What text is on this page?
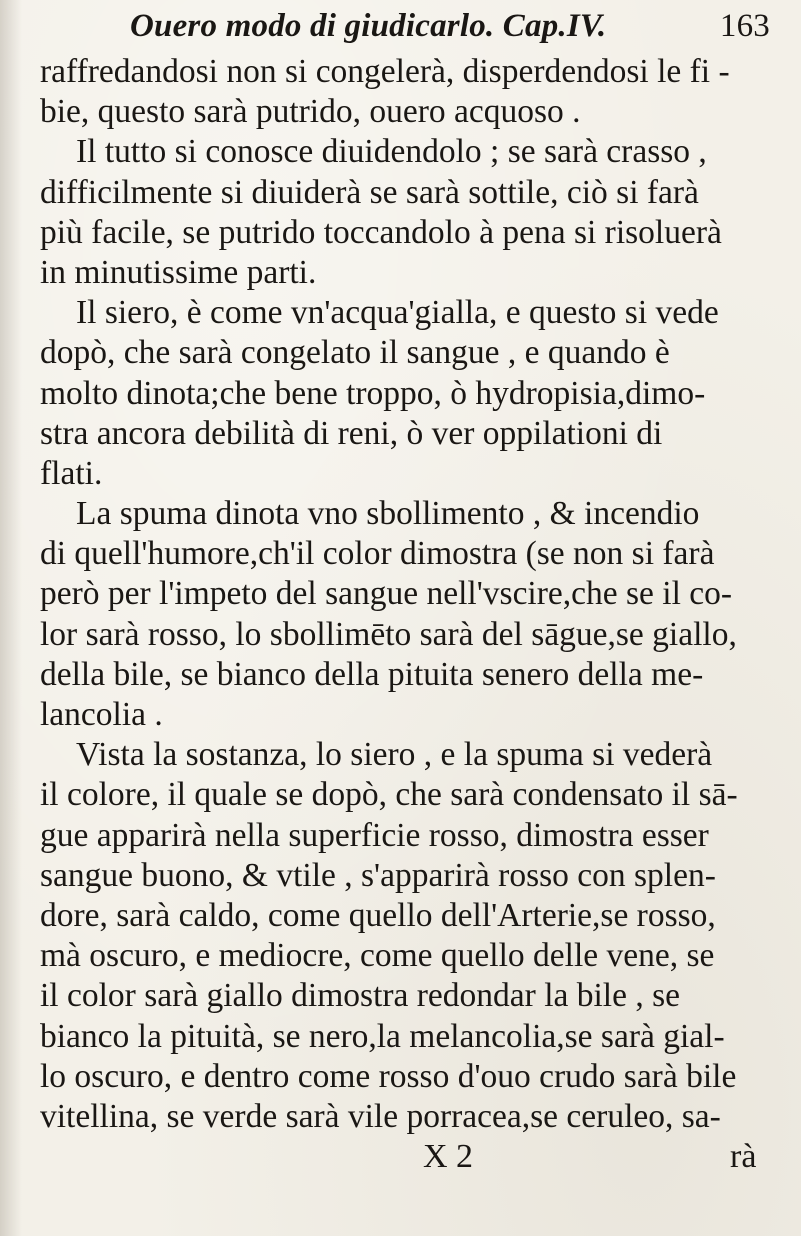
Ouero modo di giudicarlo. Cap.IV.	163
raffredandosi non si congelerà, disperdendosi le fi -
bie, questo sarà putrido, ouero acquoso .
Il tutto si conosce diuidendolo ; se sarà crasso ,
difficilmente si diuiderà se sarà sottile, ciò si farà
più facile, se putrido toccandolo à pena si risoluerà
in minutissime parti.
Il siero, è come vn'acqua'gialla, e questo si vede
dopò, che sarà congelato il sangue , e quando è
molto dinota;che bene troppo, ò hydropisia,dimo-
stra ancora debilità di reni, ò ver oppilationi di
flati.
La spuma dinota vno sbollimento , & incendio
di quell'humore,ch'il color dimostra (se non si farà
però per l'impeto del sangue nell'vscire,che se il co-
lor sarà rosso, lo sbollimēto sarà del sāgue,se giallo,
della bile, se bianco della pituita senero della me-
lancolia .
Vista la sostanza, lo siero , e la spuma si vederà
il colore, il quale se dopò, che sarà condensato il sā-
gue apparirà nella superficie rosso, dimostra esser
sangue buono, & vtile , s'apparirà rosso con splen-
dore, sarà caldo, come quello dell'Arterie,se rosso,
mà oscuro, e mediocre, come quello delle vene, se
il color sarà giallo dimostra redondar la bile , se
bianco la pituità, se nero,la melancolia,se sarà gial-
lo oscuro, e dentro come rosso d'ouo crudo sarà bile
vitellina, se verde sarà vile porracea,se ceruleo, sa-
X 2	rà
